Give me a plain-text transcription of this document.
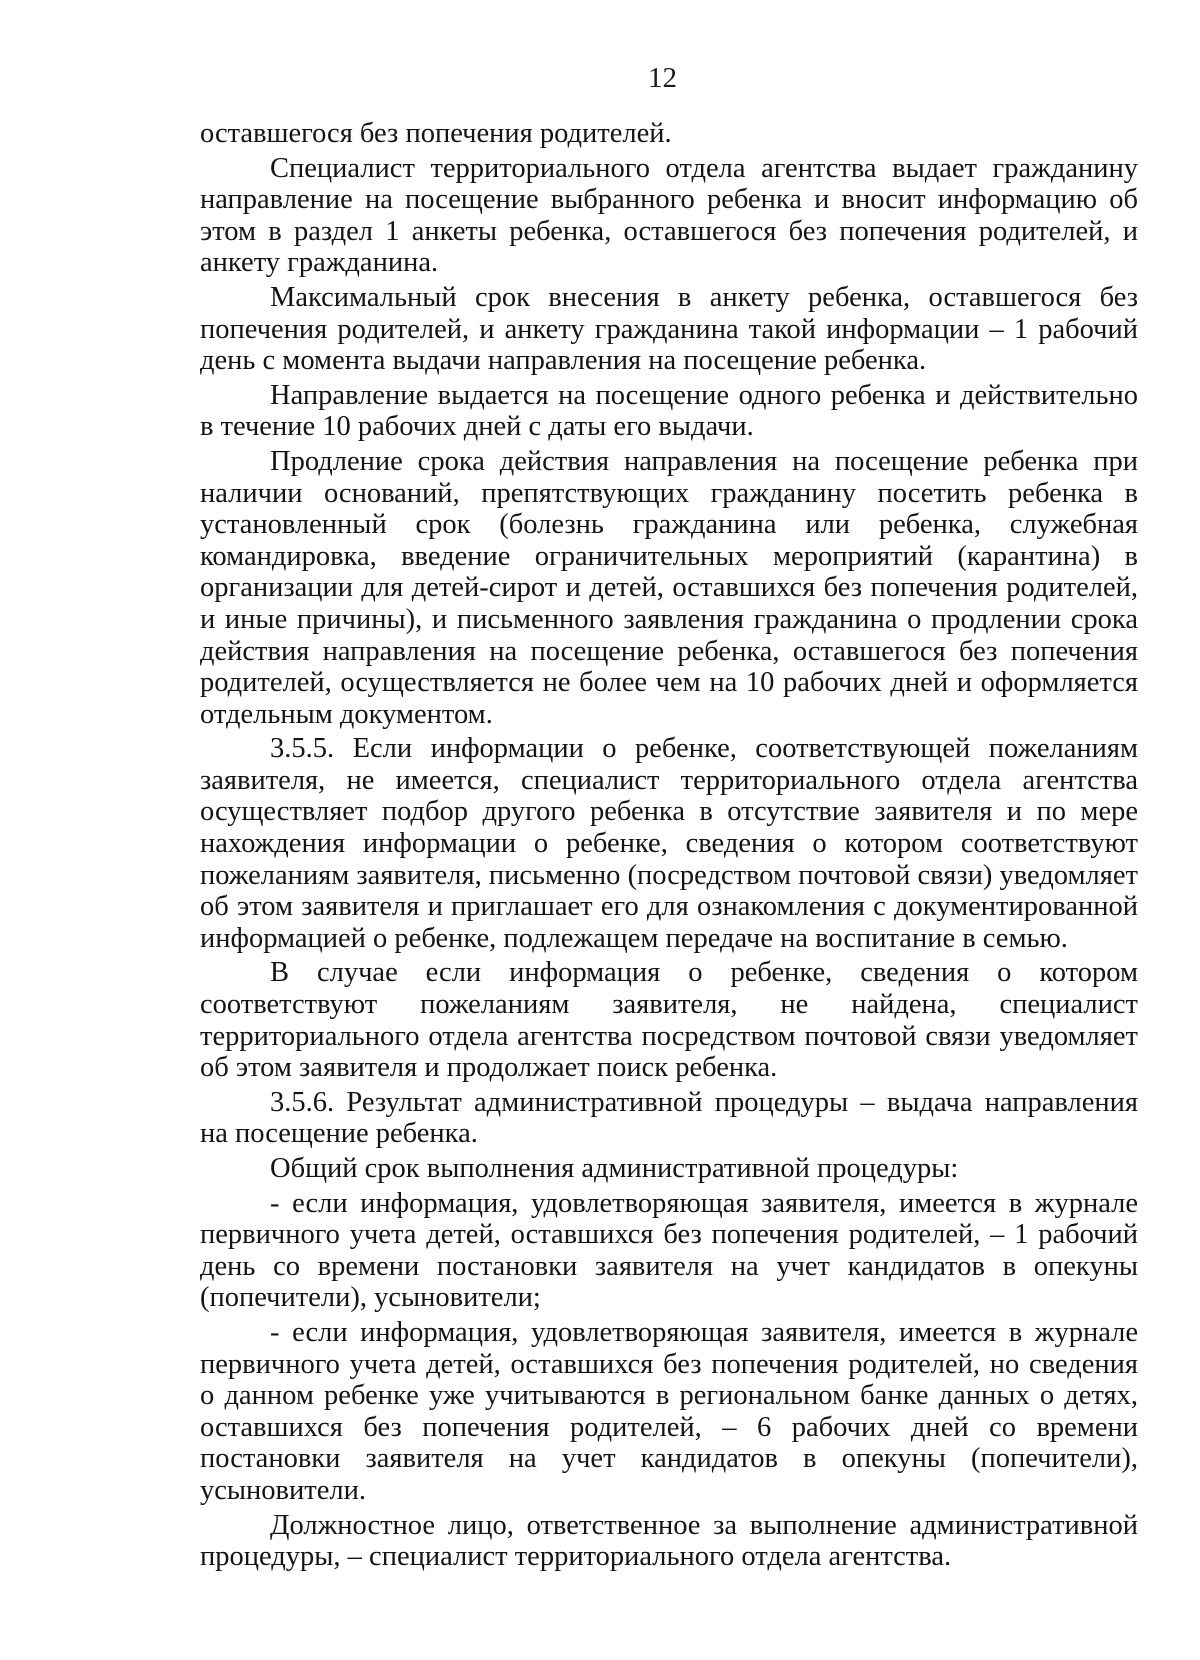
12

оставшегося без попечения родителей.

Специалист территориального отдела агентства выдает гражданину направление на посещение выбранного ребенка и вносит информацию об этом в раздел 1 анкеты ребенка, оставшегося без попечения родителей, и анкету гражданина.

Максимальный срок внесения в анкету ребенка, оставшегося без попечения родителей, и анкету гражданина такой информации – 1 рабочий день с момента выдачи направления на посещение ребенка.

Направление выдается на посещение одного ребенка и действительно в течение 10 рабочих дней с даты его выдачи.

Продление срока действия направления на посещение ребенка при наличии оснований, препятствующих гражданину посетить ребенка в установленный срок (болезнь гражданина или ребенка, служебная командировка, введение ограничительных мероприятий (карантина) в организации для детей-сирот и детей, оставшихся без попечения родителей, и иные причины), и письменного заявления гражданина о продлении срока действия направления на посещение ребенка, оставшегося без попечения родителей, осуществляется не более чем на 10 рабочих дней и оформляется отдельным документом.

3.5.5. Если информации о ребенке, соответствующей пожеланиям заявителя, не имеется, специалист территориального отдела агентства осуществляет подбор другого ребенка в отсутствие заявителя и по мере нахождения информации о ребенке, сведения о котором соответствуют пожеланиям заявителя, письменно (посредством почтовой связи) уведомляет об этом заявителя и приглашает его для ознакомления с документированной информацией о ребенке, подлежащем передаче на воспитание в семью.

В случае если информация о ребенке, сведения о котором соответствуют пожеланиям заявителя, не найдена, специалист территориального отдела агентства посредством почтовой связи уведомляет об этом заявителя и продолжает поиск ребенка.

3.5.6. Результат административной процедуры – выдача направления на посещение ребенка.

Общий срок выполнения административной процедуры:

- если информация, удовлетворяющая заявителя, имеется в журнале первичного учета детей, оставшихся без попечения родителей, – 1 рабочий день со времени постановки заявителя на учет кандидатов в опекуны (попечители), усыновители;

- если информация, удовлетворяющая заявителя, имеется в журнале первичного учета детей, оставшихся без попечения родителей, но сведения о данном ребенке уже учитываются в региональном банке данных о детях, оставшихся без попечения родителей, – 6 рабочих дней со времени постановки заявителя на учет кандидатов в опекуны (попечители), усыновители.

Должностное лицо, ответственное за выполнение административной процедуры, – специалист территориального отдела агентства.
